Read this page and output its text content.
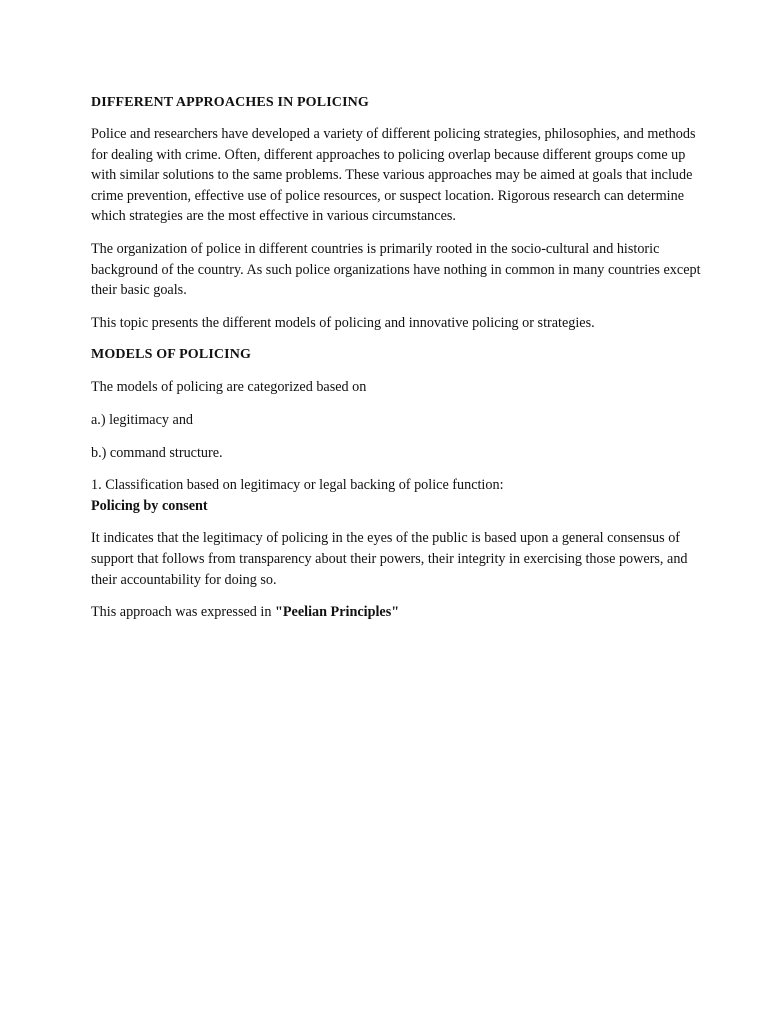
DIFFERENT APPROACHES IN POLICING

Police and researchers have developed a variety of different policing strategies, philosophies, and methods for dealing with crime. Often, different approaches to policing overlap because different groups come up with similar solutions to the same problems. These various approaches may be aimed at goals that include crime prevention, effective use of police resources, or suspect location. Rigorous research can determine which strategies are the most effective in various circumstances.

The organization of police in different countries is primarily rooted in the socio-cultural and historic background of the country. As such police organizations have nothing in common in many countries except their basic goals.

This topic presents the different models of policing and innovative policing or strategies.

MODELS OF POLICING

The models of policing are categorized based on

a.) legitimacy and

b.) command structure.

1. Classification based on legitimacy or legal backing of police function:

Policing by consent

It indicates that the legitimacy of policing in the eyes of the public is based upon a general consensus of support that follows from transparency about their powers, their integrity in exercising those powers, and their accountability for doing so.

This approach was expressed in "Peelian Principles"
